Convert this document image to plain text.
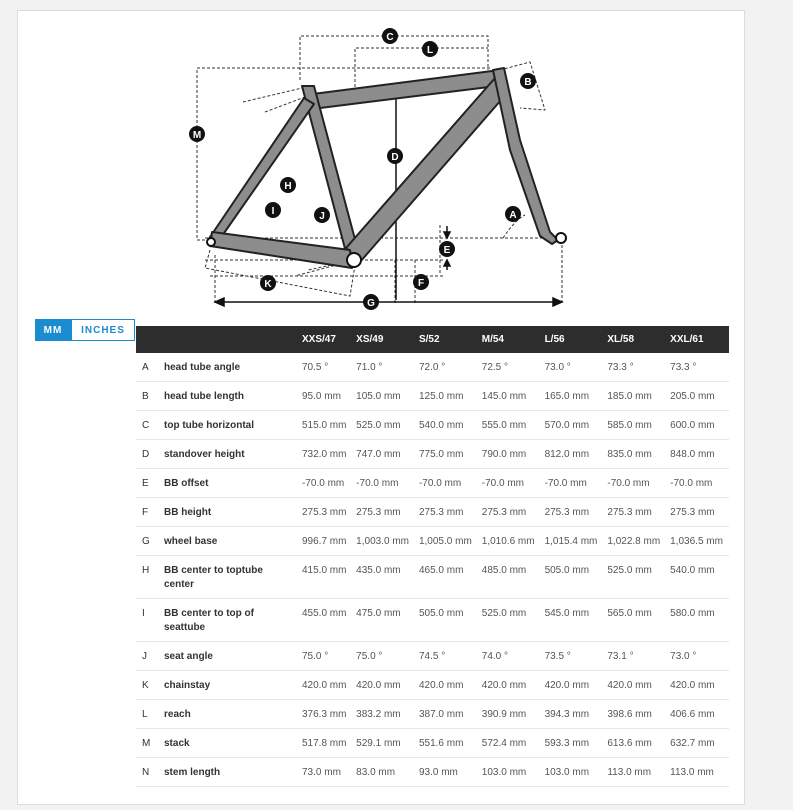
A
B
C
D
E
F
G
H
I	J
K
L
M
MM	INCHES
		XXS/47	XS/49	S/52	M/54	L/56	XL/58	XXL/61
A	head tube angle	70.5 °	71.0 °	72.0 °	72.5 °	73.0 °	73.3 °	73.3 °
B	head tube length	95.0 mm	105.0 mm	125.0 mm	145.0 mm	165.0 mm	185.0 mm	205.0 mm
C	top tube horizontal	515.0 mm	525.0 mm	540.0 mm	555.0 mm	570.0 mm	585.0 mm	600.0 mm
D	standover height	732.0 mm	747.0 mm	775.0 mm	790.0 mm	812.0 mm	835.0 mm	848.0 mm
E	BB offset	-70.0 mm	-70.0 mm	-70.0 mm	-70.0 mm	-70.0 mm	-70.0 mm	-70.0 mm
F	BB height	275.3 mm	275.3 mm	275.3 mm	275.3 mm	275.3 mm	275.3 mm	275.3 mm
G	wheel base	996.7 mm	1,003.0 mm	1,005.0 mm	1,010.6 mm	1,015.4 mm	1,022.8 mm	1,036.5 mm
H	BB center to toptube center	415.0 mm	435.0 mm	465.0 mm	485.0 mm	505.0 mm	525.0 mm	540.0 mm
I	BB center to top of seattube	455.0 mm	475.0 mm	505.0 mm	525.0 mm	545.0 mm	565.0 mm	580.0 mm
J	seat angle	75.0 °	75.0 °	74.5 °	74.0 °	73.5 °	73.1 °	73.0 °
K	chainstay	420.0 mm	420.0 mm	420.0 mm	420.0 mm	420.0 mm	420.0 mm	420.0 mm
L	reach	376.3 mm	383.2 mm	387.0 mm	390.9 mm	394.3 mm	398.6 mm	406.6 mm
M	stack	517.8 mm	529.1 mm	551.6 mm	572.4 mm	593.3 mm	613.6 mm	632.7 mm
N	stem length	73.0 mm	83.0 mm	93.0 mm	103.0 mm	103.0 mm	113.0 mm	113.0 mm
